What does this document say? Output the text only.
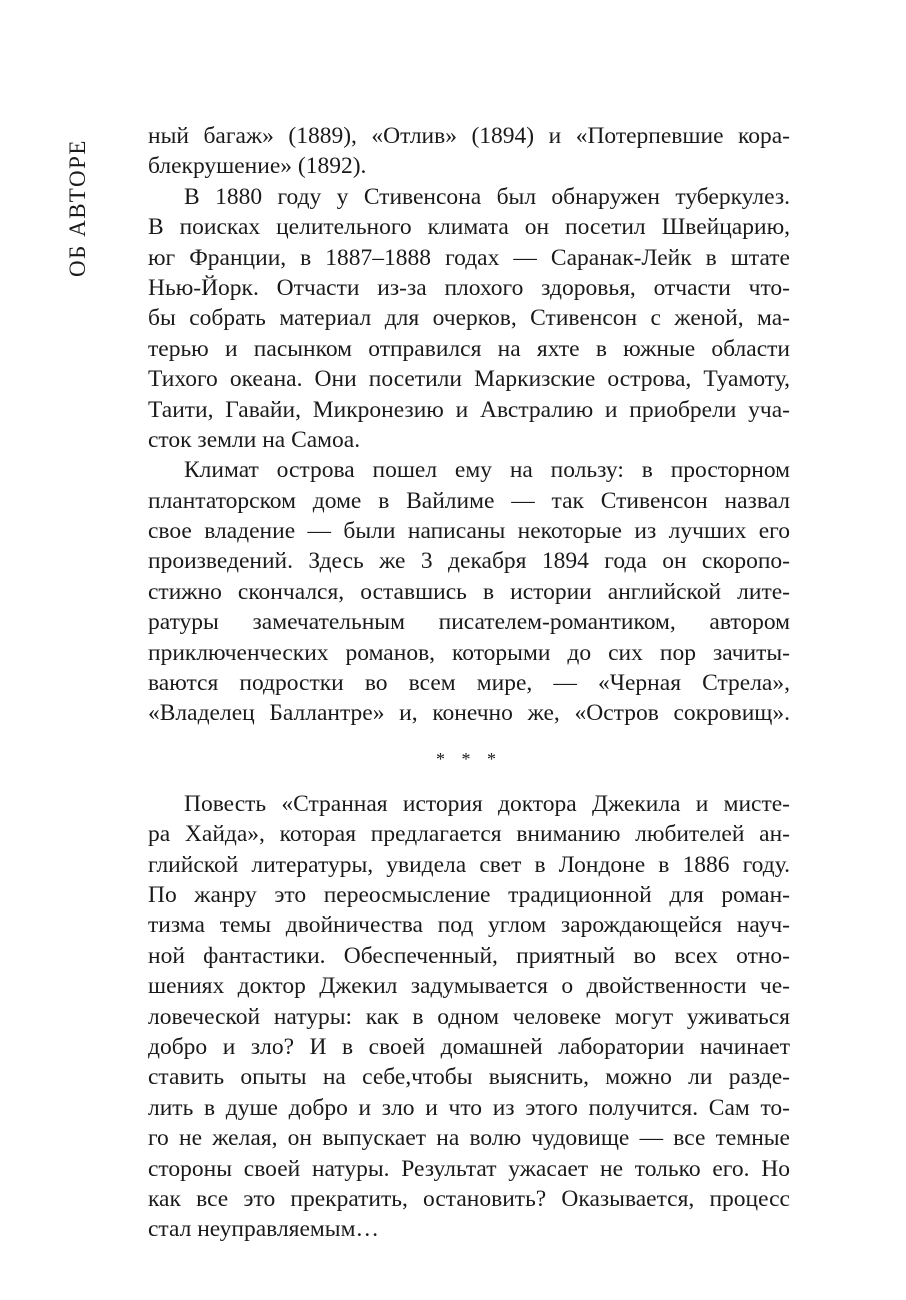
ОБ АВТОРЕ
ный багаж» (1889), «Отлив» (1894) и «Потерпевшие кора-
блекрушение» (1892).
В 1880 году у Стивенсона был обнаружен туберкулез.
В поисках целительного климата он посетил Швейцарию,
юг Франции, в 1887–1888 годах — Саранак-Лейк в штате
Нью-Йорк. Отчасти из-за плохого здоровья, отчасти что-
бы собрать материал для очерков, Стивенсон с женой, ма-
терью и пасынком отправился на яхте в южные области
Тихого океана. Они посетили Маркизские острова, Туамоту,
Таити, Гавайи, Микронезию и Австралию и приобрели уча-
сток земли на Самоа.
Климат острова пошел ему на пользу: в просторном
плантаторском доме в Вайлиме — так Стивенсон назвал
свое владение — были написаны некоторые из лучших его
произведений. Здесь же 3 декабря 1894 года он скоропо-
стижно скончался, оставшись в истории английской лите-
ратуры замечательным писателем-романтиком, автором
приключенческих романов, которыми до сих пор зачиты-
ваются подростки во всем мире, — «Черная Стрела»,
«Владелец Баллантре» и, конечно же, «Остров сокровищ».
* * *
Повесть «Странная история доктора Джекила и мисте-
ра Хайда», которая предлагается вниманию любителей ан-
глийской литературы, увидела свет в Лондоне в 1886 году.
По жанру это переосмысление традиционной для роман-
тизма темы двойничества под углом зарождающейся науч-
ной фантастики. Обеспеченный, приятный во всех отно-
шениях доктор Джекил задумывается о двойственности че-
ловеческой натуры: как в одном человеке могут уживаться
добро и зло? И в своей домашней лаборатории начинает
ставить опыты на себе,чтобы выяснить, можно ли разде-
лить в душе добро и зло и что из этого получится. Сам то-
го не желая, он выпускает на волю чудовище — все темные
стороны своей натуры. Результат ужасает не только его. Но
как все это прекратить, остановить? Оказывается, процесс
стал неуправляемым…
